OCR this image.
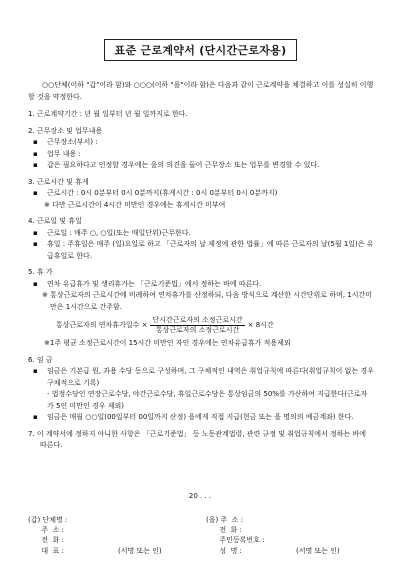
표준 근로계약서 (단시간근로자용)

○○단체(이하 "갑"이라 함)와 ○○○(이하 "을"이라 함)은 다음과 같이 근로계약을 체결하고 이를 성실히 이행할 것을 약정한다.

1. 근로계약기간 : 년 월 일부터 년 월 일까지로 한다.
2. 근무장소 및 업무내용
▪ 근무장소(부서) :
▪ 업무 내용 :
▪ 갑은 필요하다고 인정할 경우에는 을의 의견을 들어 근무장소 또는 업무를 변경할 수 있다.
3. 근로시간 및 휴게
▪ 근로시간 : 0시 0분부터 0시 0분까지(휴게시간 : 0시 0분부터 0시 0분까지)
※ 다만 근로시간이 4시간 미만인 경우에는 휴게시간 미부여
4. 근로일 및 휴일
▪ 근로일 : 매주 ○, ○일(또는 매일단위)근무한다.
▪ 휴일 : 주휴일은 매주 (일)요일로 하고 「근로자의 날 제정에 관한 법률」에 따른 근로자의 날(5월 1일)은 유급휴일로 한다.
5. 휴 가
▪ 연차 유급휴가 및 생리휴가는 「근로기준법」에서 정하는 바에 따른다.
※ 통상근로자의 근로시간에 비례하여 연차휴가를 산정하되, 다음 방식으로 계산한 시간단위로 하며, 1시간미만은 1시간으로 간주함.
통상근로자의 연차휴가일수 × $\frac{\text{단시간근로자의 소정근로시간}}{\text{통상근로자의 소정근로시간}} \times 8$시간
※1주 평균 소정근로시간이 15시간 미만인 자인 경우에는 연차유급휴가 적용제외
6. 임 금
▪ 임금은 기본급 원, 과용 수당 등으로 구성하며, 그 구체적인 내역은 취업규칙에 따른다(취업규칙이 없는 경우 구체적으로 기록)
- 법정수당인 연장근로수당, 야간근로수당, 휴일근로수당은 통상임금의 50%를 가산하여 지급한다(근로자가 5인 미만인 경우 제외)
▪ 임금은 매월 ○○일(00일부터 00일까지 산정) 을에게 직접 지급(현금 또는 을 명의의 예금계좌) 한다.
7. 이 계약서에 정하지 아니한 사항은 「근로기준법」 등 노동관계법령, 관련 규정 및 취업규칙에서 정하는 바에 따른다.
20 . . .
(갑) 단체명 :
주  소 :
전  화 :
대  표 :	(서명 또는 인)
(을) 주  소 :
전  화 :
주민등록번호 :
성  명 :	(서명 또는 인)
